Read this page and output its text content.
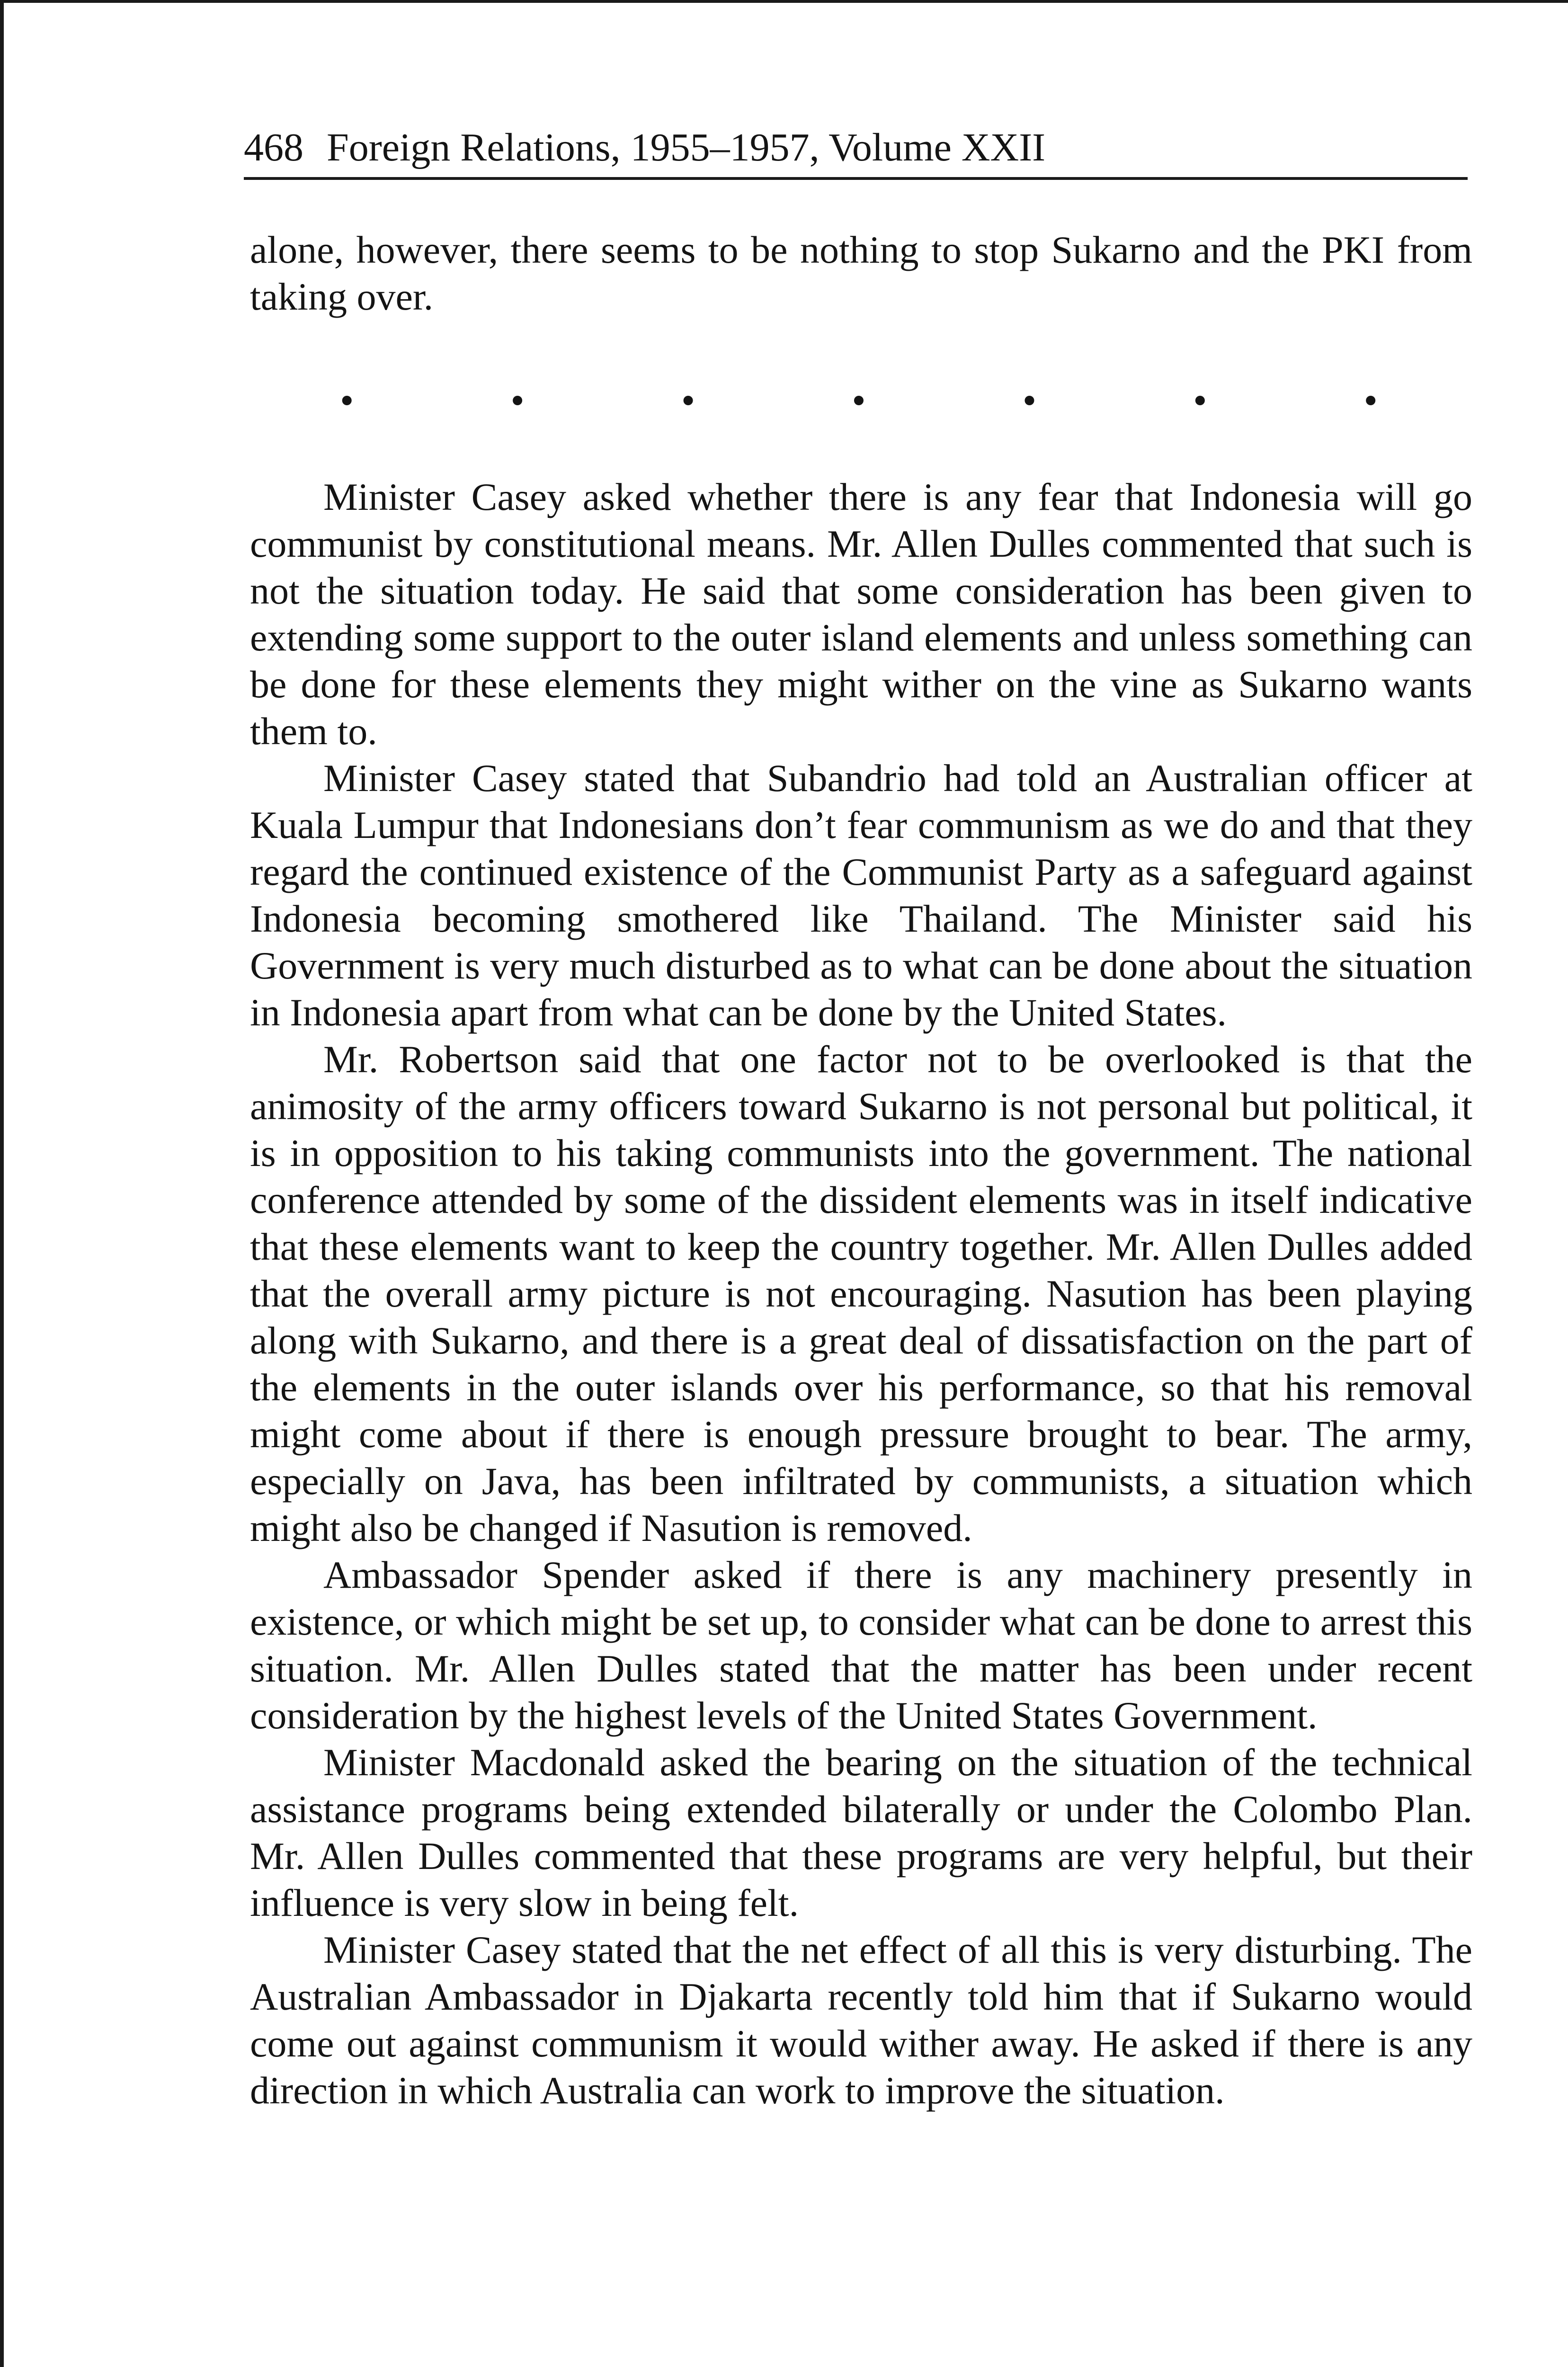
468 Foreign Relations, 1955–1957, Volume XXII

alone, however, there seems to be nothing to stop Sukarno and the PKI from taking over.

•	•	•	•	•	•	•

Minister Casey asked whether there is any fear that Indonesia will go communist by constitutional means. Mr. Allen Dulles commented that such is not the situation today. He said that some consideration has been given to extending some support to the outer island elements and unless something can be done for these elements they might wither on the vine as Sukarno wants them to.

Minister Casey stated that Subandrio had told an Australian officer at Kuala Lumpur that Indonesians don’t fear communism as we do and that they regard the continued existence of the Communist Party as a safeguard against Indonesia becoming smothered like Thailand. The Minister said his Government is very much disturbed as to what can be done about the situation in Indonesia apart from what can be done by the United States.

Mr. Robertson said that one factor not to be overlooked is that the animosity of the army officers toward Sukarno is not personal but political, it is in opposition to his taking communists into the government. The national conference attended by some of the dissident elements was in itself indicative that these elements want to keep the country together. Mr. Allen Dulles added that the overall army picture is not encouraging. Nasution has been playing along with Sukarno, and there is a great deal of dissatisfaction on the part of the elements in the outer islands over his performance, so that his removal might come about if there is enough pressure brought to bear. The army, especially on Java, has been infiltrated by communists, a situation which might also be changed if Nasution is removed.

Ambassador Spender asked if there is any machinery presently in existence, or which might be set up, to consider what can be done to arrest this situation. Mr. Allen Dulles stated that the matter has been under recent consideration by the highest levels of the United States Government.

Minister Macdonald asked the bearing on the situation of the technical assistance programs being extended bilaterally or under the Colombo Plan. Mr. Allen Dulles commented that these programs are very helpful, but their influence is very slow in being felt.

Minister Casey stated that the net effect of all this is very disturbing. The Australian Ambassador in Djakarta recently told him that if Sukarno would come out against communism it would wither away. He asked if there is any direction in which Australia can work to improve the situation.
